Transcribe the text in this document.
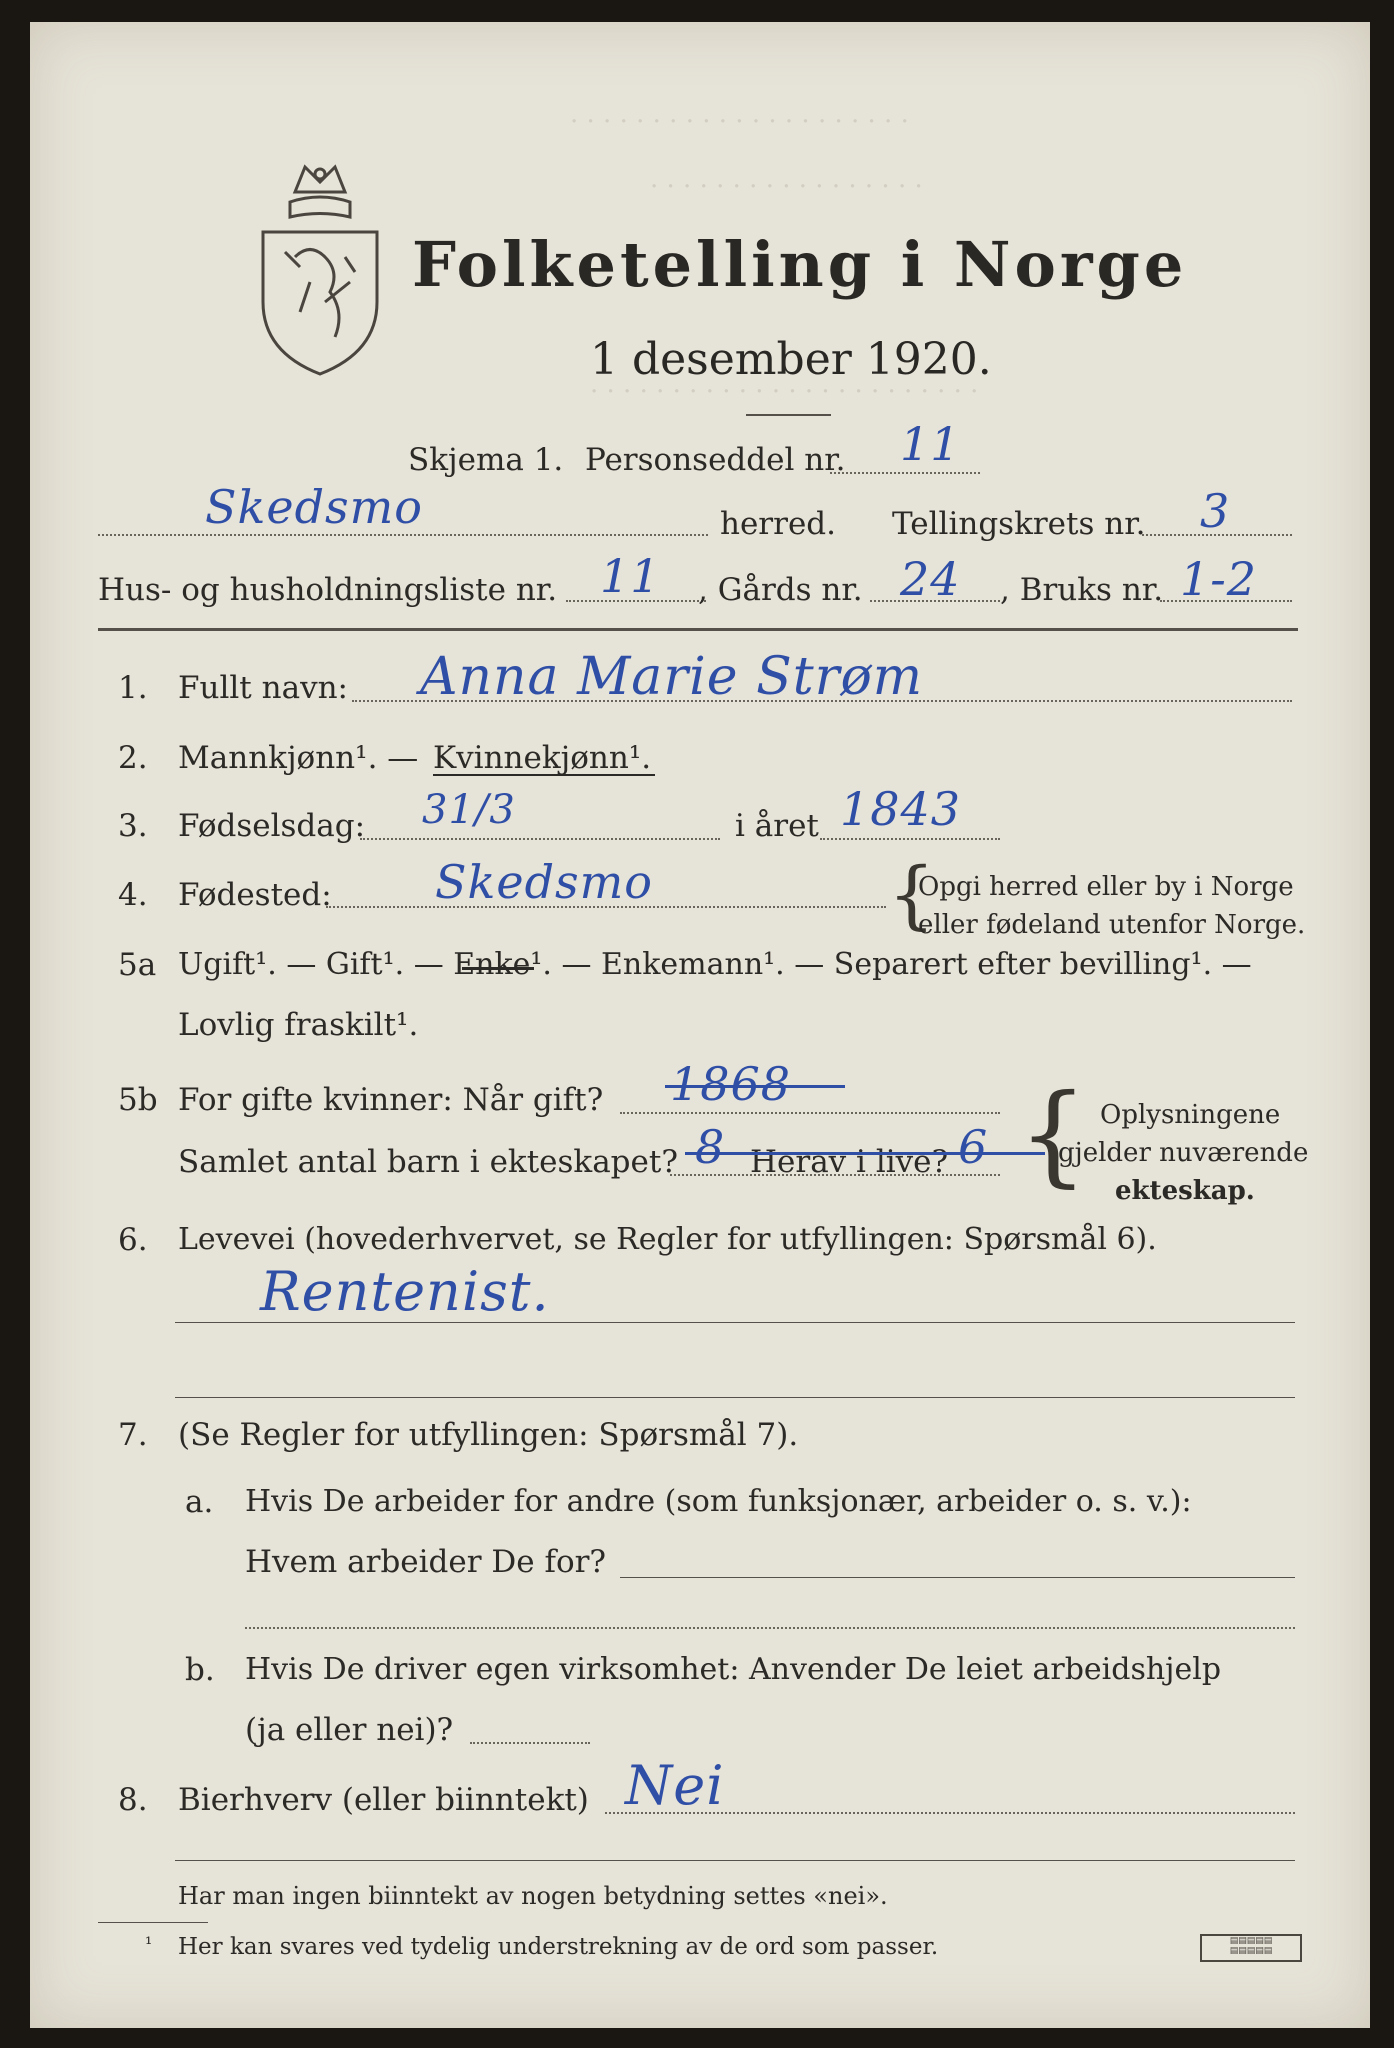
· · · · · · · · · · · · · · · · · · · · ·
· · · · · · · · · · · · · · · · ·
· · · · · · · · · · · · · · · · · · · · · · · ·
Folketelling i Norge
1 desember 1920.
Skjema 1. Personseddel nr. 11
Skedsmo	herred. Tellingskrets nr. 3
Hus- og husholdningsliste nr. 11 , Gårds nr. 24 , Bruks nr. 1-2
1. Fullt navn: Anna Marie Strøm
2. Mannkjønn¹. — Kvinnekjønn¹.
3. Fødselsdag: 31/3	i året 1843
4. Fødested: Skedsmo	{
Opgi herred eller by i Norge
eller fødeland utenfor Norge.
5a Ugift¹. — Gift¹. — Enke¹. — Enkemann¹. — Separert efter bevilling¹. —
Lovlig fraskilt¹.
5b For gifte kvinner: Når gift? 1868
Samlet antal barn i ekteskapet? 8 Herav i live? 6 { Oplysningene
gjelder nuværende
ekteskap.
6. Levevei (hovederhvervet, se Regler for utfyllingen: Spørsmål 6).
Rentenist.
7. (Se Regler for utfyllingen: Spørsmål 7).
a. Hvis De arbeider for andre (som funksjonær, arbeider o. s. v.):
Hvem arbeider De for?
b. Hvis De driver egen virksomhet: Anvender De leiet arbeidshjelp
(ja eller nei)?
8. Bierhverv (eller biinntekt) Nei
Har man ingen biinntekt av nogen betydning settes «nei».
¹ Her kan svares ved tydelig understrekning av de ord som passer.	▤▤▤▤▤
▤▤▤▤▤
